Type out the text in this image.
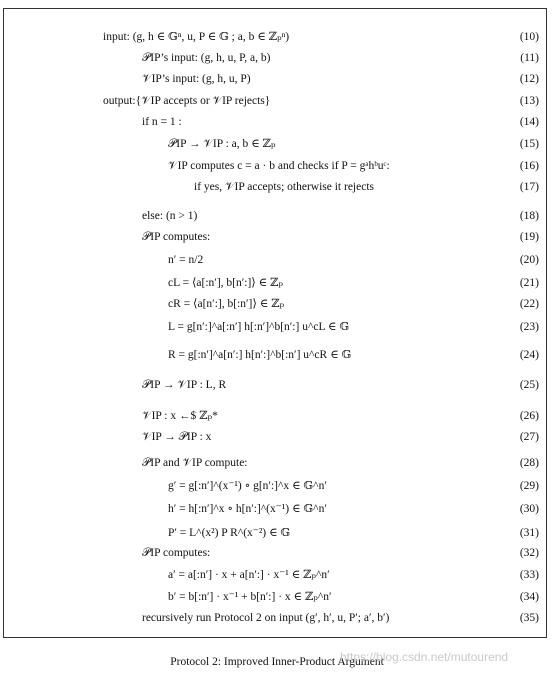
input: (g, h ∈ 𝔾ⁿ, u, P ∈ 𝔾 ; a, b ∈ ℤₚⁿ)	(10)
𝒫IP’s input: (g, h, u, P, a, b)	(11)
𝒱IP’s input: (g, h, u, P)	(12)
output:{𝒱IP accepts or 𝒱IP rejects}	(13)
if n = 1 :	(14)
𝒫IP → 𝒱IP : a, b ∈ ℤₚ	(15)
𝒱IP computes c = a · b and checks if P = gᵃhᵇuᶜ:	(16)
if yes, 𝒱IP accepts; otherwise it rejects	(17)
else: (n > 1)	(18)
𝒫IP computes:	(19)
n′ = n/2	(20)
cL = ⟨a[:n′], b[n′:]⟩ ∈ ℤₚ	(21)
cR = ⟨a[n′:], b[:n′]⟩ ∈ ℤₚ	(22)
L = g[n′:]^a[:n′] h[:n′]^b[n′:] u^cL ∈ 𝔾	(23)
R = g[:n′]^a[n′:] h[n′:]^b[:n′] u^cR ∈ 𝔾	(24)
𝒫IP → 𝒱IP : L, R	(25)
𝒱IP : x ←$ ℤₚ*	(26)
𝒱IP → 𝒫IP : x	(27)
𝒫IP and 𝒱IP compute:	(28)
g′ = g[:n′]^(x⁻¹) ∘ g[n′:]^x ∈ 𝔾^n′	(29)
h′ = h[:n′]^x ∘ h[n′:]^(x⁻¹) ∈ 𝔾^n′	(30)
P′ = L^(x²) P R^(x⁻²) ∈ 𝔾	(31)
𝒫IP computes:	(32)
a′ = a[:n′] · x + a[n′:] · x⁻¹ ∈ ℤₚ^n′	(33)
b′ = b[:n′] · x⁻¹ + b[n′:] · x ∈ ℤₚ^n′	(34)
recursively run Protocol 2 on input (g′, h′, u, P′; a′, b′)	(35)
Protocol 2: Improved Inner-Product Argument
https://blog.csdn.net/mutourend
